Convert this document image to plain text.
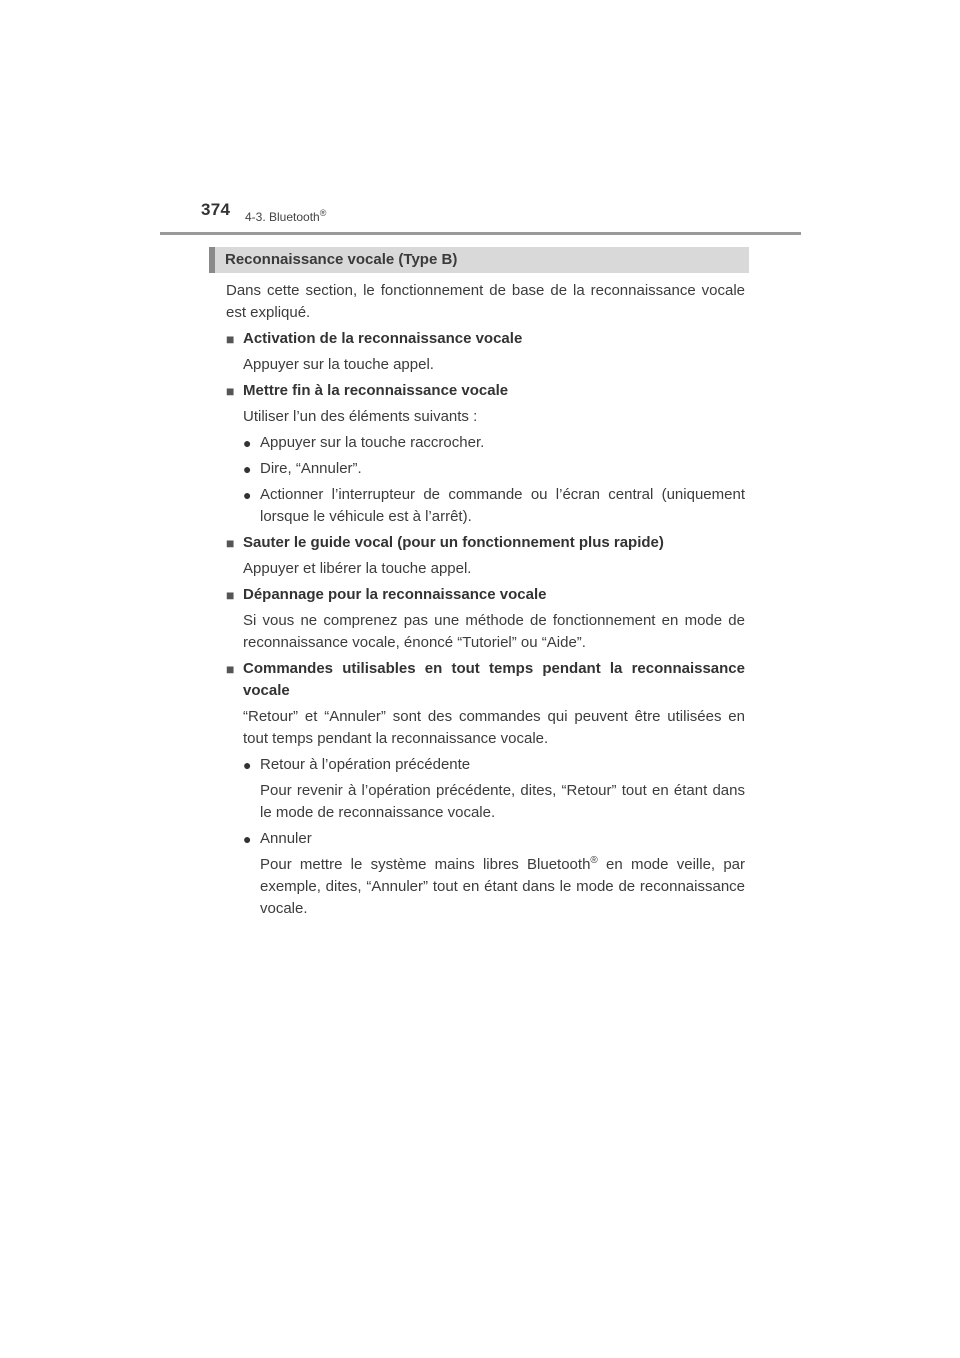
374 4-3. Bluetooth®
Reconnaissance vocale (Type B)

Dans cette section, le fonctionnement de base de la reconnaissance vocale est expliqué.

■ Activation de la reconnaissance vocale

Appuyer sur la touche appel.

■ Mettre fin à la reconnaissance vocale

Utiliser l’un des éléments suivants :

● Appuyer sur la touche raccrocher.
● Dire, “Annuler”.
● Actionner l’interrupteur de commande ou l’écran central (uniquement lorsque le véhicule est à l’arrêt).
■ Sauter le guide vocal (pour un fonctionnement plus rapide)

Appuyer et libérer la touche appel.

■ Dépannage pour la reconnaissance vocale

Si vous ne comprenez pas une méthode de fonctionnement en mode de reconnaissance vocale, énoncé “Tutoriel” ou “Aide”.

■ Commandes utilisables en tout temps pendant la reconnaissance vocale

“Retour” et “Annuler” sont des commandes qui peuvent être utilisées en tout temps pendant la reconnaissance vocale.

● Retour à l’opération précédente

Pour revenir à l’opération précédente, dites, “Retour” tout en étant dans le mode de reconnaissance vocale.

● Annuler

Pour mettre le système mains libres Bluetooth® en mode veille, par exemple, dites, “Annuler” tout en étant dans le mode de reconnaissance vocale.
